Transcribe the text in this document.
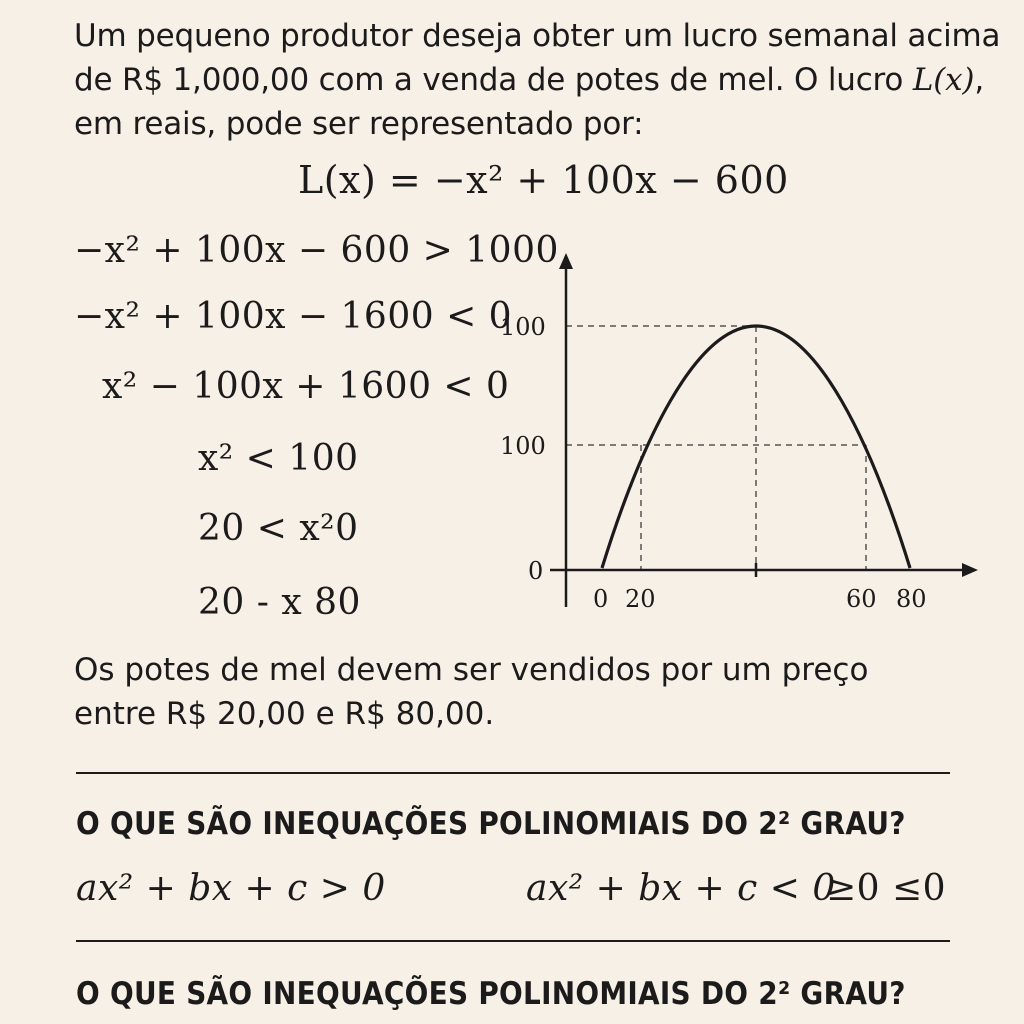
Um pequeno produtor deseja obter um lucro semanal acima
de R$ 1,000,00 com a venda de potes de mel. O lucro L(x),
em reais, pode ser representado por:
L(x) = −x² + 100x − 600
−x² + 100x − 600 > 1000
−x² + 100x − 1600 < 0
x² − 100x + 1600 < 0
x² < 100
20 < x²0
20 - x 80
100
100
0
0 20	60 80
Os potes de mel devem ser vendidos por um preço
entre R$ 20,00 e R$ 80,00.
O QUE SÃO INEQUAÇÕES POLINOMIAIS DO 2² GRAU?
ax² + bx + c > 0	ax² + bx + c < 0
≥0 ≤0
O QUE SÃO INEQUAÇÕES POLINOMIAIS DO 2² GRAU?
